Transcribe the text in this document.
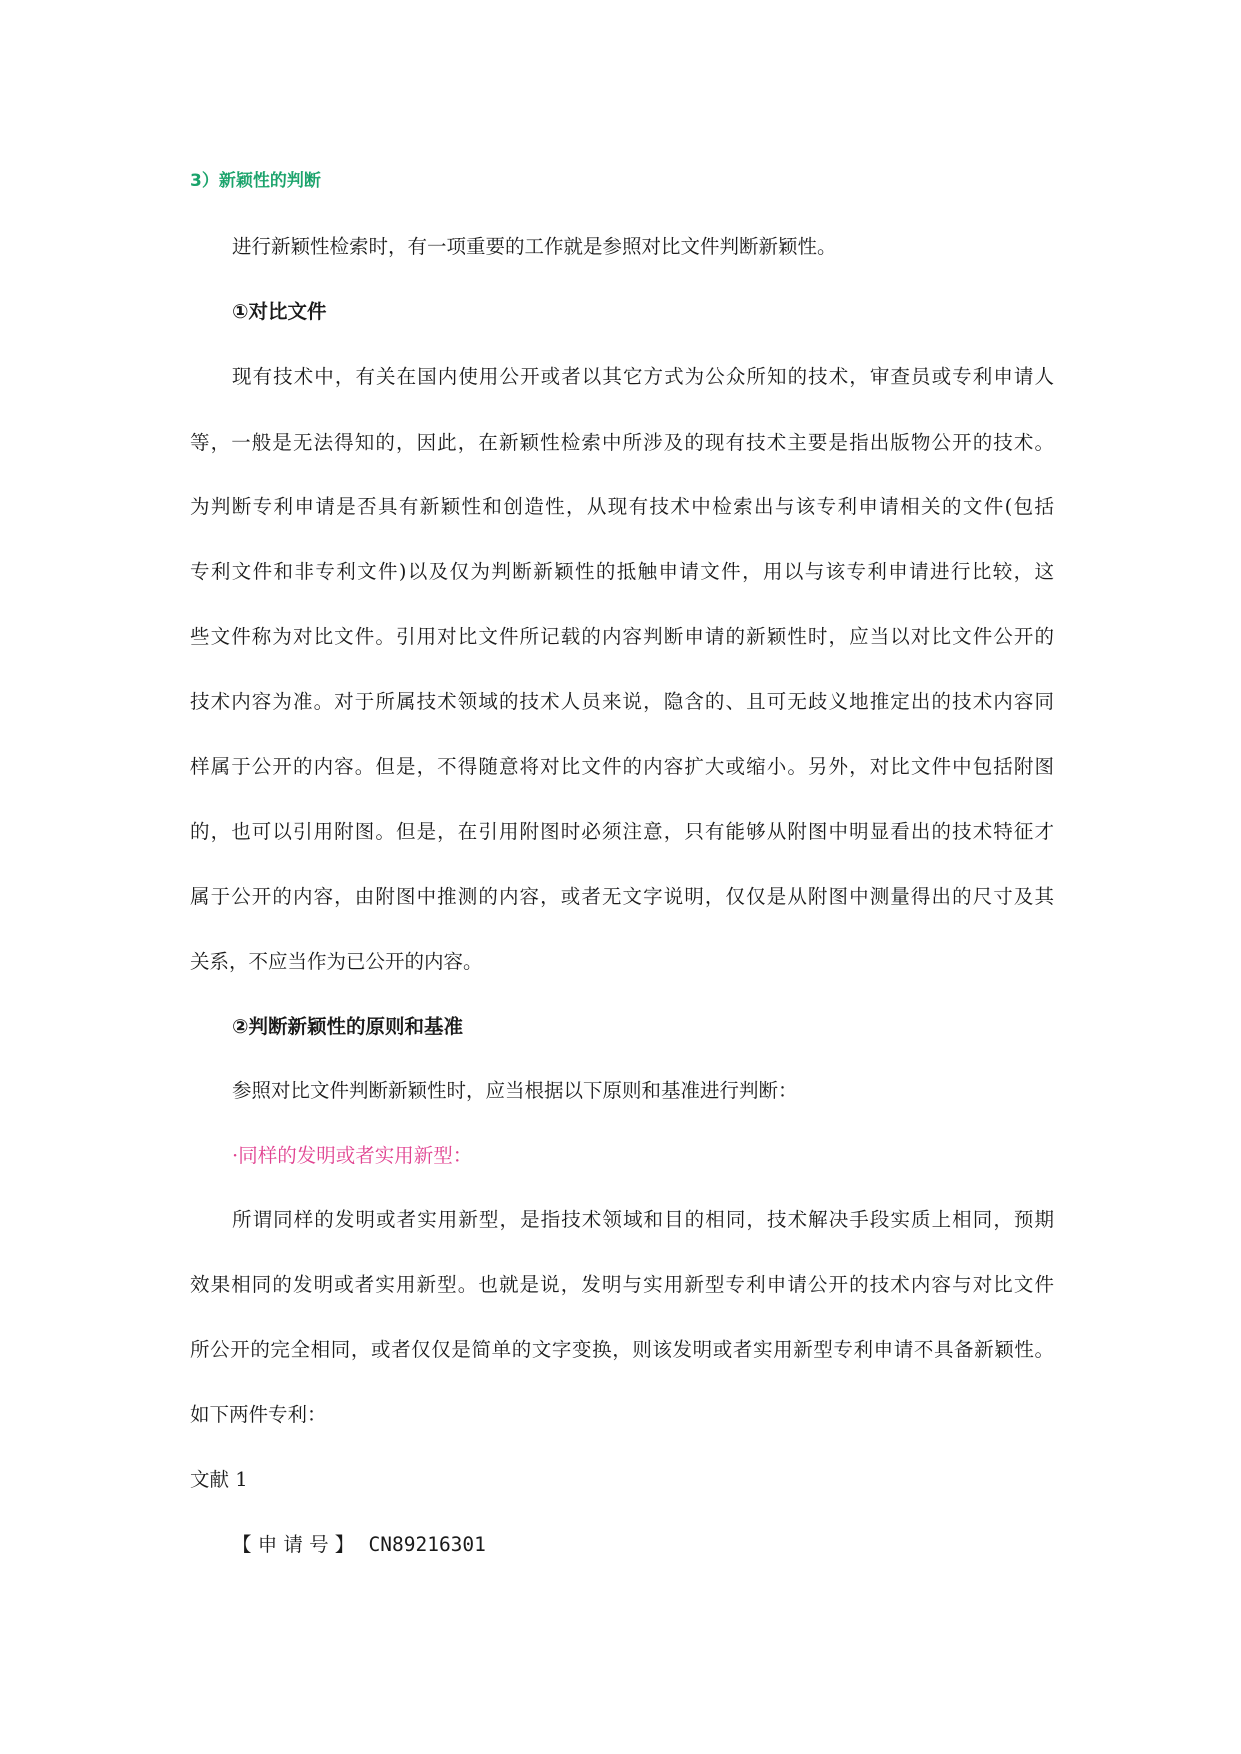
3）新颖性的判断

进行新颖性检索时，有一项重要的工作就是参照对比文件判断新颖性。

①对比文件

现有技术中，有关在国内使用公开或者以其它方式为公众所知的技术，审查员或专利申请人

等，一般是无法得知的，因此，在新颖性检索中所涉及的现有技术主要是指出版物公开的技术。

为判断专利申请是否具有新颖性和创造性，从现有技术中检索出与该专利申请相关的文件(包括

专利文件和非专利文件)以及仅为判断新颖性的抵触申请文件，用以与该专利申请进行比较，这

些文件称为对比文件。引用对比文件所记载的内容判断申请的新颖性时，应当以对比文件公开的

技术内容为准。对于所属技术领域的技术人员来说，隐含的、且可无歧义地推定出的技术内容同

样属于公开的内容。但是，不得随意将对比文件的内容扩大或缩小。另外，对比文件中包括附图

的，也可以引用附图。但是，在引用附图时必须注意，只有能够从附图中明显看出的技术特征才

属于公开的内容，由附图中推测的内容，或者无文字说明，仅仅是从附图中测量得出的尺寸及其

关系，不应当作为已公开的内容。

②判断新颖性的原则和基准

参照对比文件判断新颖性时，应当根据以下原则和基准进行判断：

·同样的发明或者实用新型：

所谓同样的发明或者实用新型，是指技术领域和目的相同，技术解决手段实质上相同，预期

效果相同的发明或者实用新型。也就是说，发明与实用新型专利申请公开的技术内容与对比文件

所公开的完全相同，或者仅仅是简单的文字变换，则该发明或者实用新型专利申请不具备新颖性。

如下两件专利：

文献 1

【 申 请 号 】 CN89216301
